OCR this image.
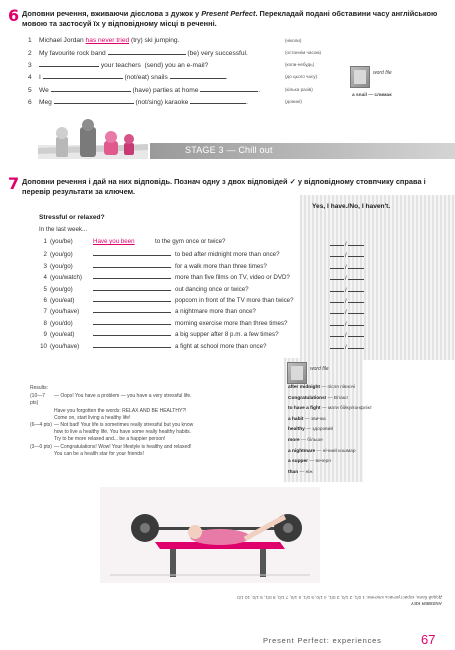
6 Доповни речення, вживаючи дієслова з дужок у Present Perfect. Перекладай подані обставини часу англійською мовою та застосуй їх у відповідному місці в реченні.
1 Michael Jordan has never tried (try) ski jumping.	(ніколи)
2 My favourite rock band	(be) very successful.	(останнім часом)
3	your teachers  (send) you an e-mail?	(коли-небудь)
4 I	(not/eat) snails	.	(до цього часу)
5 We	(have) parties at home	.	(кілька разів)
6 Meg	(not/sing) karaoke	.	(донині)
word file
a snail — слимак
STAGE 3 — Chill out
7 Доповни речення і дай на них відповідь. Познач одну з двох відповідей ✓ у відповідному стовпчику справа і перевір результати за ключем.
Yes, I have./No, I haven't.
Stressful or relaxed?
In the last week...
1 (you/be)	Have you been	to the gym once or twice?	/
2 (you/go)	to bed after midnight more than once?	/
3 (you/go)	for a walk more than three times?	/
4 (you/watch)	more than five films on TV, video or DVD?	/
5 (you/go)	out dancing once or twice?	/
6 (you/eat)	popcorn in front of the TV more than twice?	/
7 (you/have)	a nightmare more than once?	/
8 (you/do)	morning exercise more than three times?	/
9 (you/eat)	a big supper after 8 p.m. a few times?	/
10 (you/have)	a fight at school more than once?	/
Results:
(10—7 pts)
— Oops! You have a problem — you have a very stressful life.
Have you forgotten the words: RELAX AND BE HEALTHY?!
Come on, start living a healthy life!
(6—4 pts) — Not bad! Your life is sometimes really stressful but you know
how to live a healthy life. You have some really healthy habits.
Try to be more relaxed and... be a happier person!
(3—0 pts) — Congratulations! Wow! Your lifestyle is healthy and relaxed!
You can be a health star for your friends!
word file
after midnight — після півночі
Congratulations! — Вітаю!
to have a fight — мати бійку/конфлікт
a habit — звичка
healthy — здоровий
more — більше
a nightmare — нічний кошмар
a supper — вечеря
than — ніж
ANSWER KEY
Додай бали, користуючись ключем: 1 0/1, 2 1/0, 3 0/1, 4 1/0, 5 0/1, 6 1/0, 7 1/0, 8 0/1, 9 1/0, 10 1/0
Present Perfect: experiences	67
